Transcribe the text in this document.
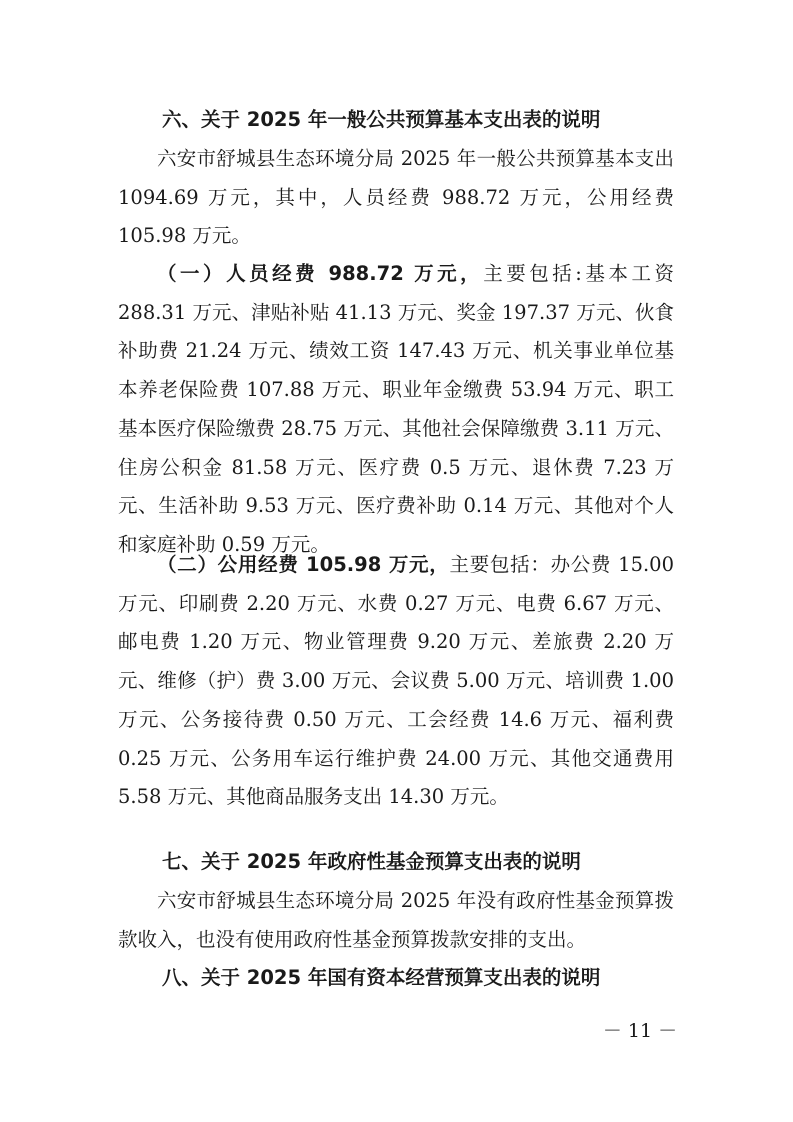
六、关于 2025 年一般公共预算基本支出表的说明

六安市舒城县生态环境分局 2025 年一般公共预算基本支出 1094.69 万元，其中，人员经费 988.72 万元，公用经费 105.98 万元。

（一）人员经费 988.72 万元，主要包括:基本工资 288.31 万元、津贴补贴 41.13 万元、奖金 197.37 万元、伙食补助费 21.24 万元、绩效工资 147.43 万元、机关事业单位基本养老保险费 107.88 万元、职业年金缴费 53.94 万元、职工基本医疗保险缴费 28.75 万元、其他社会保障缴费 3.11 万元、住房公积金 81.58 万元、医疗费 0.5 万元、退休费 7.23 万元、生活补助 9.53 万元、医疗费补助 0.14 万元、其他对个人和家庭补助 0.59 万元。

（二）公用经费 105.98 万元，主要包括：办公费 15.00 万元、印刷费 2.20 万元、水费 0.27 万元、电费 6.67 万元、邮电费 1.20 万元、物业管理费 9.20 万元、差旅费 2.20 万元、维修（护）费 3.00 万元、会议费 5.00 万元、培训费 1.00 万元、公务接待费 0.50 万元、工会经费 14.6 万元、福利费 0.25 万元、公务用车运行维护费 24.00 万元、其他交通费用 5.58 万元、其他商品服务支出 14.30 万元。

七、关于 2025 年政府性基金预算支出表的说明

六安市舒城县生态环境分局 2025 年没有政府性基金预算拨款收入，也没有使用政府性基金预算拨款安排的支出。

八、关于 2025 年国有资本经营预算支出表的说明
－ 11 －
